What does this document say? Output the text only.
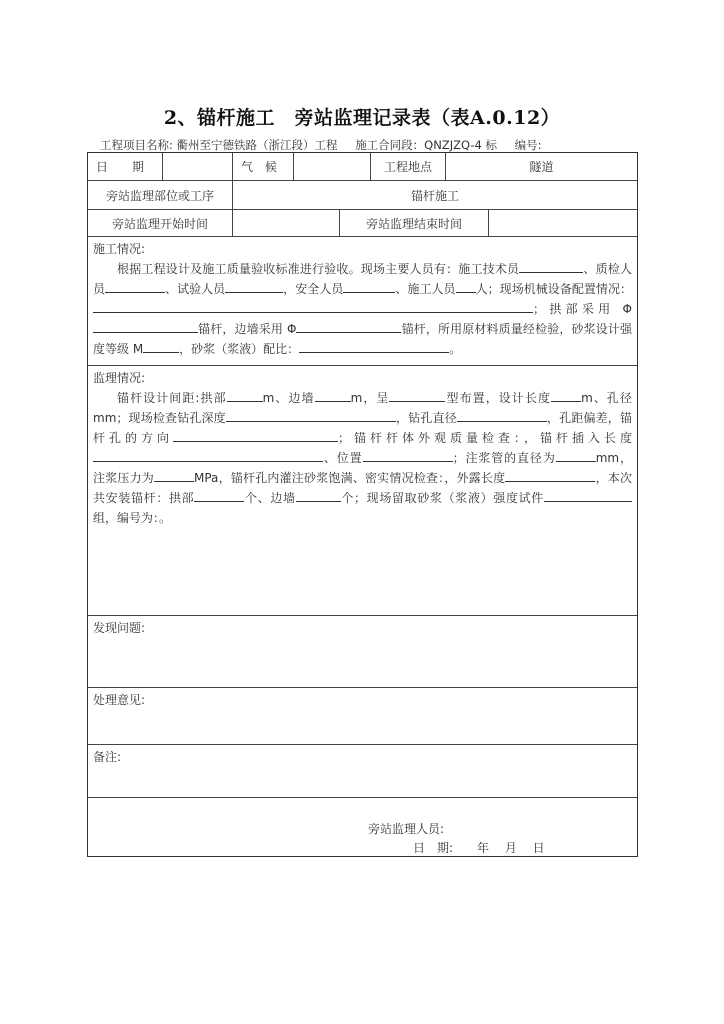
2、锚杆施工　旁站监理记录表（表A.0.12）
工程项目名称: 衢州至宁德铁路（浙江段）工程 施工合同段：QNZJZQ-4 标 编号:
日　　期	气　候	工程地点	隧道
旁站监理部位或工序	锚杆施工
旁站监理开始时间	旁站监理结束时间
施工情况:
根据工程设计及施工质量验收标准进行验收。现场主要人员有：施工技术员	、质检人员	、试验人员	，安全人员	、施工人员 人；现场机械设备配置情况：；拱部采用 Φ锚杆，边墙采用 Φ	锚杆，所用原材料质量经检验，砂浆设计强度等级 M	，砂浆（浆液）配比：	。
监理情况:
锚杆设计间距:拱部	m、边墙	m，呈	型布置，设计长度	m、孔径mm；现场检查钻孔深度	，钻孔直径	，孔距偏差，锚杆孔的方向	；锚杆杆体外观质量检查：，锚杆插入长度、位置	；注浆管的直径为	mm，注浆压力为	MPa，锚杆孔内灌注砂浆饱满、密实情况检查：，外露长度	，本次共安装锚杆：拱部	个、边墙	个；现场留取砂浆（浆液）强度试件组，编号为：。
发现问题:
处理意见:
备注:
旁站监理人员:
日　期:　　年　 月　 日
